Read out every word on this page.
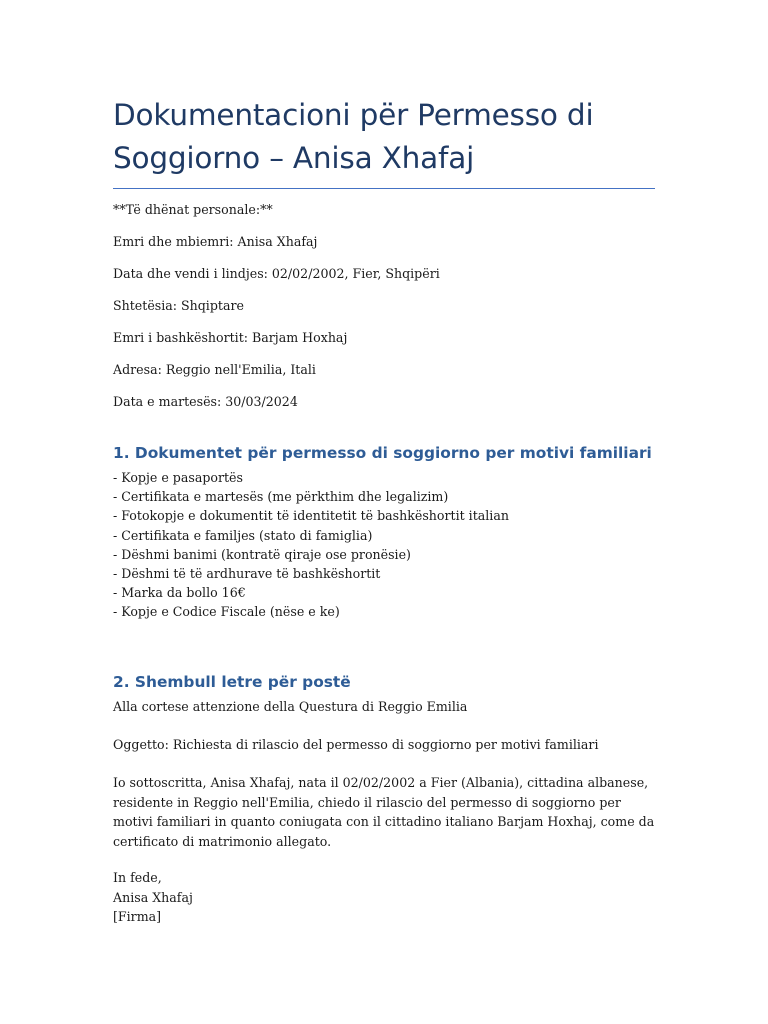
Dokumentacioni për Permesso di Soggiorno – Anisa Xhafaj

**Të dhënat personale:**

Emri dhe mbiemri: Anisa Xhafaj

Data dhe vendi i lindjes: 02/02/2002, Fier, Shqipëri

Shtetësia: Shqiptare

Emri i bashkëshortit: Barjam Hoxhaj

Adresa: Reggio nell'Emilia, Itali

Data e martesës: 30/03/2024

1. Dokumentet për permesso di soggiorno per motivi familiari
- Kopje e pasaportës
- Certifikata e martesës (me përkthim dhe legalizim)
- Fotokopje e dokumentit të identitetit të bashkëshortit italian
- Certifikata e familjes (stato di famiglia)
- Dëshmi banimi (kontratë qiraje ose pronësie)
- Dëshmi të të ardhurave të bashkëshortit
- Marka da bollo 16€
- Kopje e Codice Fiscale (nëse e ke)
2. Shembull letre për postë

Alla cortese attenzione della Questura di Reggio Emilia

Oggetto: Richiesta di rilascio del permesso di soggiorno per motivi familiari

Io sottoscritta, Anisa Xhafaj, nata il 02/02/2002 a Fier (Albania), cittadina albanese, residente in Reggio nell'Emilia, chiedo il rilascio del permesso di soggiorno per motivi familiari in quanto coniugata con il cittadino italiano Barjam Hoxhaj, come da certificato di matrimonio allegato.

In fede,
Anisa Xhafaj
[Firma]
